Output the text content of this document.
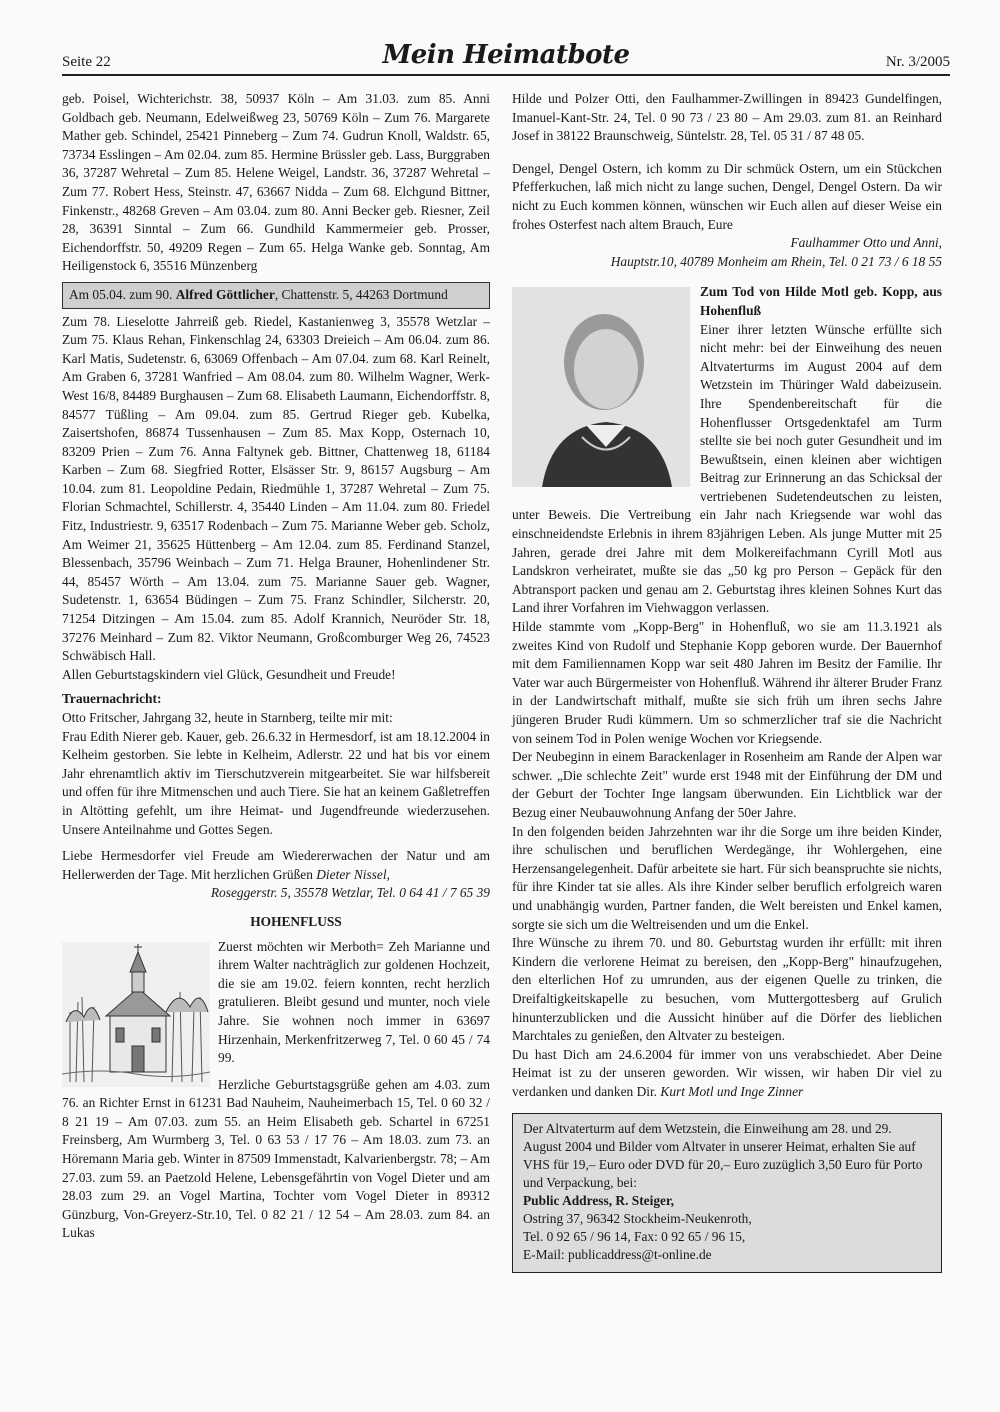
Seite 22	Mein Heimatbote	Nr. 3/2005

geb. Poisel, Wichterichstr. 38, 50937 Köln – Am 31.03. zum 85. Anni Goldbach geb. Neumann, Edelweißweg 23, 50769 Köln – Zum 76. Margarete Mather geb. Schindel, 25421 Pinneberg – Zum 74. Gudrun Knoll, Waldstr. 65, 73734 Esslingen – Am 02.04. zum 85. Hermine Brüssler geb. Lass, Burggraben 36, 37287 Wehretal – Zum 85. Helene Weigel, Landstr. 36, 37287 Wehretal – Zum 77. Robert Hess, Steinstr. 47, 63667 Nidda – Zum 68. Elchgund Bittner, Finkenstr., 48268 Greven – Am 03.04. zum 80. Anni Becker geb. Riesner, Zeil 28, 36391 Sinntal – Zum 66. Gundhild Kammermeier geb. Prosser, Eichendorffstr. 50, 49209 Regen – Zum 65. Helga Wanke geb. Sonntag, Am Heiligenstock 6, 35516 Münzenberg

Am 05.04. zum 90. Alfred Göttlicher, Chattenstr. 5, 44263 Dortmund

Zum 78. Lieselotte Jahrreiß geb. Riedel, Kastanienweg 3, 35578 Wetzlar – Zum 75. Klaus Rehan, Finkenschlag 24, 63303 Dreieich – Am 06.04. zum 86. Karl Matis, Sudetenstr. 6, 63069 Offenbach – Am 07.04. zum 68. Karl Reinelt, Am Graben 6, 37281 Wanfried – Am 08.04. zum 80. Wilhelm Wagner, Werk-West 16/8, 84489 Burghausen – Zum 68. Elisabeth Laumann, Eichendorffstr. 8, 84577 Tüßling – Am 09.04. zum 85. Gertrud Rieger geb. Kubelka, Zaisertshofen, 86874 Tussenhausen – Zum 85. Max Kopp, Osternach 10, 83209 Prien – Zum 76. Anna Faltynek geb. Bittner, Chattenweg 18, 61184 Karben – Zum 68. Siegfried Rotter, Elsässer Str. 9, 86157 Augsburg – Am 10.04. zum 81. Leopoldine Pedain, Riedmühle 1, 37287 Wehretal – Zum 75. Florian Schmachtel, Schillerstr. 4, 35440 Linden – Am 11.04. zum 80. Friedel Fitz, Industriestr. 9, 63517 Rodenbach – Zum 75. Marianne Weber geb. Scholz, Am Weimer 21, 35625 Hüttenberg – Am 12.04. zum 85. Ferdinand Stanzel, Blessenbach, 35796 Weinbach – Zum 71. Helga Brauner, Hohenlindener Str. 44, 85457 Wörth – Am 13.04. zum 75. Marianne Sauer geb. Wagner, Sudetenstr. 1, 63654 Büdingen – Zum 75. Franz Schindler, Silcherstr. 20, 71254 Ditzingen – Am 15.04. zum 85. Adolf Krannich, Neuröder Str. 18, 37276 Meinhard – Zum 82. Viktor Neumann, Großcomburger Weg 26, 74523 Schwäbisch Hall.

Allen Geburtstagskindern viel Glück, Gesundheit und Freude!

Trauernachricht:

Otto Fritscher, Jahrgang 32, heute in Starnberg, teilte mir mit:

Frau Edith Nierer geb. Kauer, geb. 26.6.32 in Hermesdorf, ist am 18.12.2004 in Kelheim gestorben. Sie lebte in Kelheim, Adlerstr. 22 und hat bis vor einem Jahr ehrenamtlich aktiv im Tierschutzverein mitgearbeitet. Sie war hilfsbereit und offen für ihre Mitmenschen und auch Tiere. Sie hat an keinem Gaßletreffen in Altötting gefehlt, um ihre Heimat- und Jugendfreunde wiederzusehen. Unsere Anteilnahme und Gottes Segen.

Liebe Hermesdorfer viel Freude am Wiedererwachen der Natur und am Hellerwerden der Tage. Mit herzlichen Grüßen Dieter Nissel,

Roseggerstr. 5, 35578 Wetzlar, Tel. 0 64 41 / 7 65 39

HOHENFLUSS

Zuerst möchten wir Merboth= Zeh Marianne und ihrem Walter nachträglich zur goldenen Hochzeit, die sie am 19.02. feiern konnten, recht herzlich gratulieren. Bleibt gesund und munter, noch viele Jahre. Sie wohnen noch immer in 63697 Hirzenhain, Merkenfritzerweg 7, Tel. 0 60 45 / 74 99.

Herzliche Geburtstagsgrüße gehen am 4.03. zum 76. an Richter Ernst in 61231 Bad Nauheim, Nauheimerbach 15, Tel. 0 60 32 / 8 21 19 – Am 07.03. zum 55. an Heim Elisabeth geb. Schartel in 67251 Freinsberg, Am Wurmberg 3, Tel. 0 63 53 / 17 76 – Am 18.03. zum 73. an Höremann Maria geb. Winter in 87509 Immenstadt, Kalvarienbergstr. 78; – Am 27.03. zum 59. an Paetzold Helene, Lebensgefährtin von Vogel Dieter und am 28.03 zum 29. an Vogel Martina, Tochter vom Vogel Dieter in 89312 Günzburg, Von-Greyerz-Str.10, Tel. 0 82 21 / 12 54 – Am 28.03. zum 84. an Lukas

Hilde und Polzer Otti, den Faulhammer-Zwillingen in 89423 Gundelfingen, Imanuel-Kant-Str. 24, Tel. 0 90 73 / 23 80 – Am 29.03. zum 81. an Reinhard Josef in 38122 Braunschweig, Süntelstr. 28, Tel. 05 31 / 87 48 05.

Dengel, Dengel Ostern, ich komm zu Dir schmück Ostern, um ein Stückchen Pfefferkuchen, laß mich nicht zu lange suchen, Dengel, Dengel Ostern. Da wir nicht zu Euch kommen können, wünschen wir Euch allen auf dieser Weise ein frohes Osterfest nach altem Brauch, Eure

Faulhammer Otto und Anni,

Hauptstr.10, 40789 Monheim am Rhein, Tel. 0 21 73 / 6 18 55

Zum Tod von Hilde Motl geb. Kopp, aus Hohenfluß

Einer ihrer letzten Wünsche erfüllte sich nicht mehr: bei der Einweihung des neuen Altvaterturms im August 2004 auf dem Wetzstein im Thüringer Wald dabeizusein. Ihre Spendenbereitschaft für die Hohenflusser Ortsgedenktafel am Turm stellte sie bei noch guter Gesundheit und im Bewußtsein, einen kleinen aber wichtigen Beitrag zur Erinnerung an das Schicksal der vertriebenen Sudetendeutschen zu leisten, unter Beweis. Die Vertreibung ein Jahr nach Kriegsende war wohl das einschneidendste Erlebnis in ihrem 83jährigen Leben. Als junge Mutter mit 25 Jahren, gerade drei Jahre mit dem Molkereifachmann Cyrill Motl aus Landskron verheiratet, mußte sie das „50 kg pro Person – Gepäck für den Abtransport packen und genau am 2. Geburtstag ihres kleinen Sohnes Kurt das Land ihrer Vorfahren im Viehwaggon verlassen.

Hilde stammte vom „Kopp-Berg" in Hohenfluß, wo sie am 11.3.1921 als zweites Kind von Rudolf und Stephanie Kopp geboren wurde. Der Bauernhof mit dem Familiennamen Kopp war seit 480 Jahren im Besitz der Familie. Ihr Vater war auch Bürgermeister von Hohenfluß. Während ihr älterer Bruder Franz in der Landwirtschaft mithalf, mußte sie sich früh um ihren sechs Jahre jüngeren Bruder Rudi kümmern. Um so schmerzlicher traf sie die Nachricht von seinem Tod in Polen wenige Wochen vor Kriegsende.

Der Neubeginn in einem Barackenlager in Rosenheim am Rande der Alpen war schwer. „Die schlechte Zeit" wurde erst 1948 mit der Einführung der DM und der Geburt der Tochter Inge langsam überwunden. Ein Lichtblick war der Bezug einer Neubauwohnung Anfang der 50er Jahre.

In den folgenden beiden Jahrzehnten war ihr die Sorge um ihre beiden Kinder, ihre schulischen und beruflichen Werdegänge, ihr Wohlergehen, eine Herzensangelegenheit. Dafür arbeitete sie hart. Für sich beanspruchte sie nichts, für ihre Kinder tat sie alles. Als ihre Kinder selber beruflich erfolgreich waren und unabhängig wurden, Partner fanden, die Welt bereisten und Enkel kamen, sorgte sie sich um die Weltreisenden und um die Enkel.

Ihre Wünsche zu ihrem 70. und 80. Geburtstag wurden ihr erfüllt: mit ihren Kindern die verlorene Heimat zu bereisen, den „Kopp-Berg" hinaufzugehen, den elterlichen Hof zu umrunden, aus der eigenen Quelle zu trinken, die Dreifaltigkeitskapelle zu besuchen, vom Muttergottesberg auf Grulich hinunterzublicken und die Aussicht hinüber auf die Dörfer des lieblichen Marchtales zu genießen, den Altvater zu besteigen.

Du hast Dich am 24.6.2004 für immer von uns verabschiedet. Aber Deine Heimat ist zu der unseren geworden. Wir wissen, wir haben Dir viel zu verdanken und danken Dir. Kurt Motl und Inge Zinner

Der Altvaterturm auf dem Wetzstein, die Einweihung am 28. und 29. August 2004 und Bilder vom Altvater in unserer Heimat, erhalten Sie auf VHS für 19,– Euro oder DVD für 20,– Euro zuzüglich 3,50 Euro für Porto und Verpackung, bei:

Public Address, R. Steiger,

Ostring 37, 96342 Stockheim-Neukenroth,

Tel. 0 92 65 / 96 14, Fax: 0 92 65 / 96 15,

E-Mail: publicaddress@t-online.de
